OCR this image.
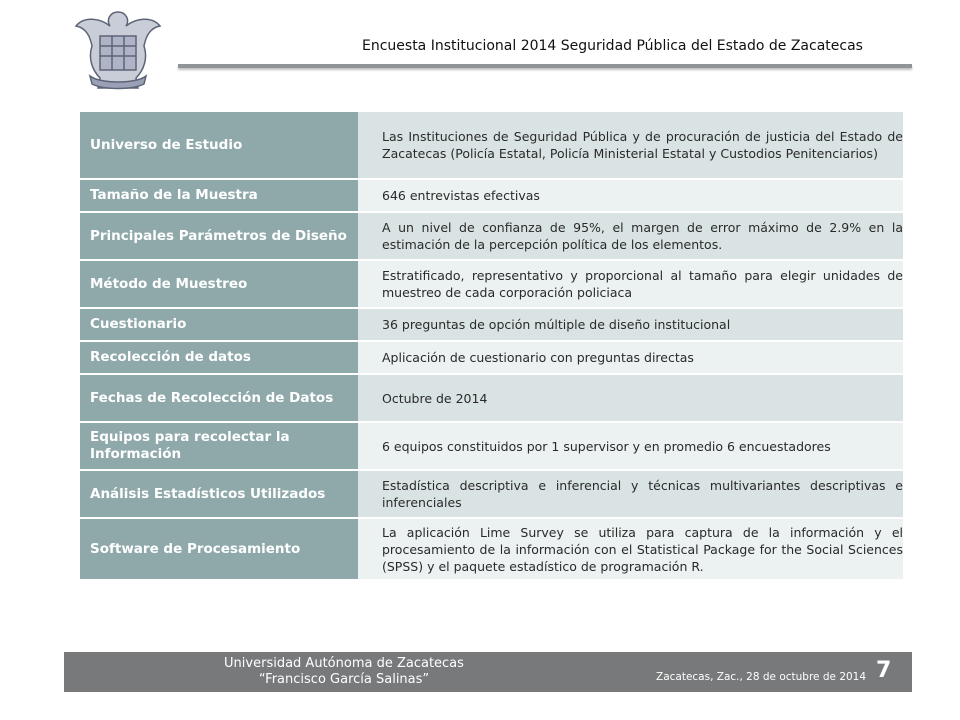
Encuesta Institucional 2014 Seguridad Pública del Estado de Zacatecas
Universo de Estudio	Las Instituciones de Seguridad Pública y de procuración de justicia del Estado de Zacatecas (Policía Estatal, Policía Ministerial Estatal y Custodios Penitenciarios)
Tamaño de la Muestra	646 entrevistas efectivas
Principales Parámetros de Diseño	A un nivel de confianza de 95%, el margen de error máximo de 2.9% en la estimación de la percepción política de los elementos.
Método de Muestreo	Estratificado, representativo y proporcional al tamaño para elegir unidades de muestreo de cada corporación policiaca
Cuestionario	36 preguntas de opción múltiple de diseño institucional
Recolección de datos	Aplicación de cuestionario con preguntas directas
Fechas de Recolección de Datos	Octubre de 2014
Equipos para recolectar la Información	6 equipos constituidos por 1 supervisor y en promedio 6 encuestadores
Análisis Estadísticos Utilizados	Estadística descriptiva e inferencial y técnicas multivariantes descriptivas e inferenciales
Software de Procesamiento	La aplicación Lime Survey se utiliza para captura de la información y el procesamiento de la información con el Statistical Package for the Social Sciences (SPSS) y el paquete estadístico de programación R.
Universidad Autónoma de Zacatecas
“Francisco García Salinas”	Zacatecas, Zac., 28 de octubre de 2014 7
